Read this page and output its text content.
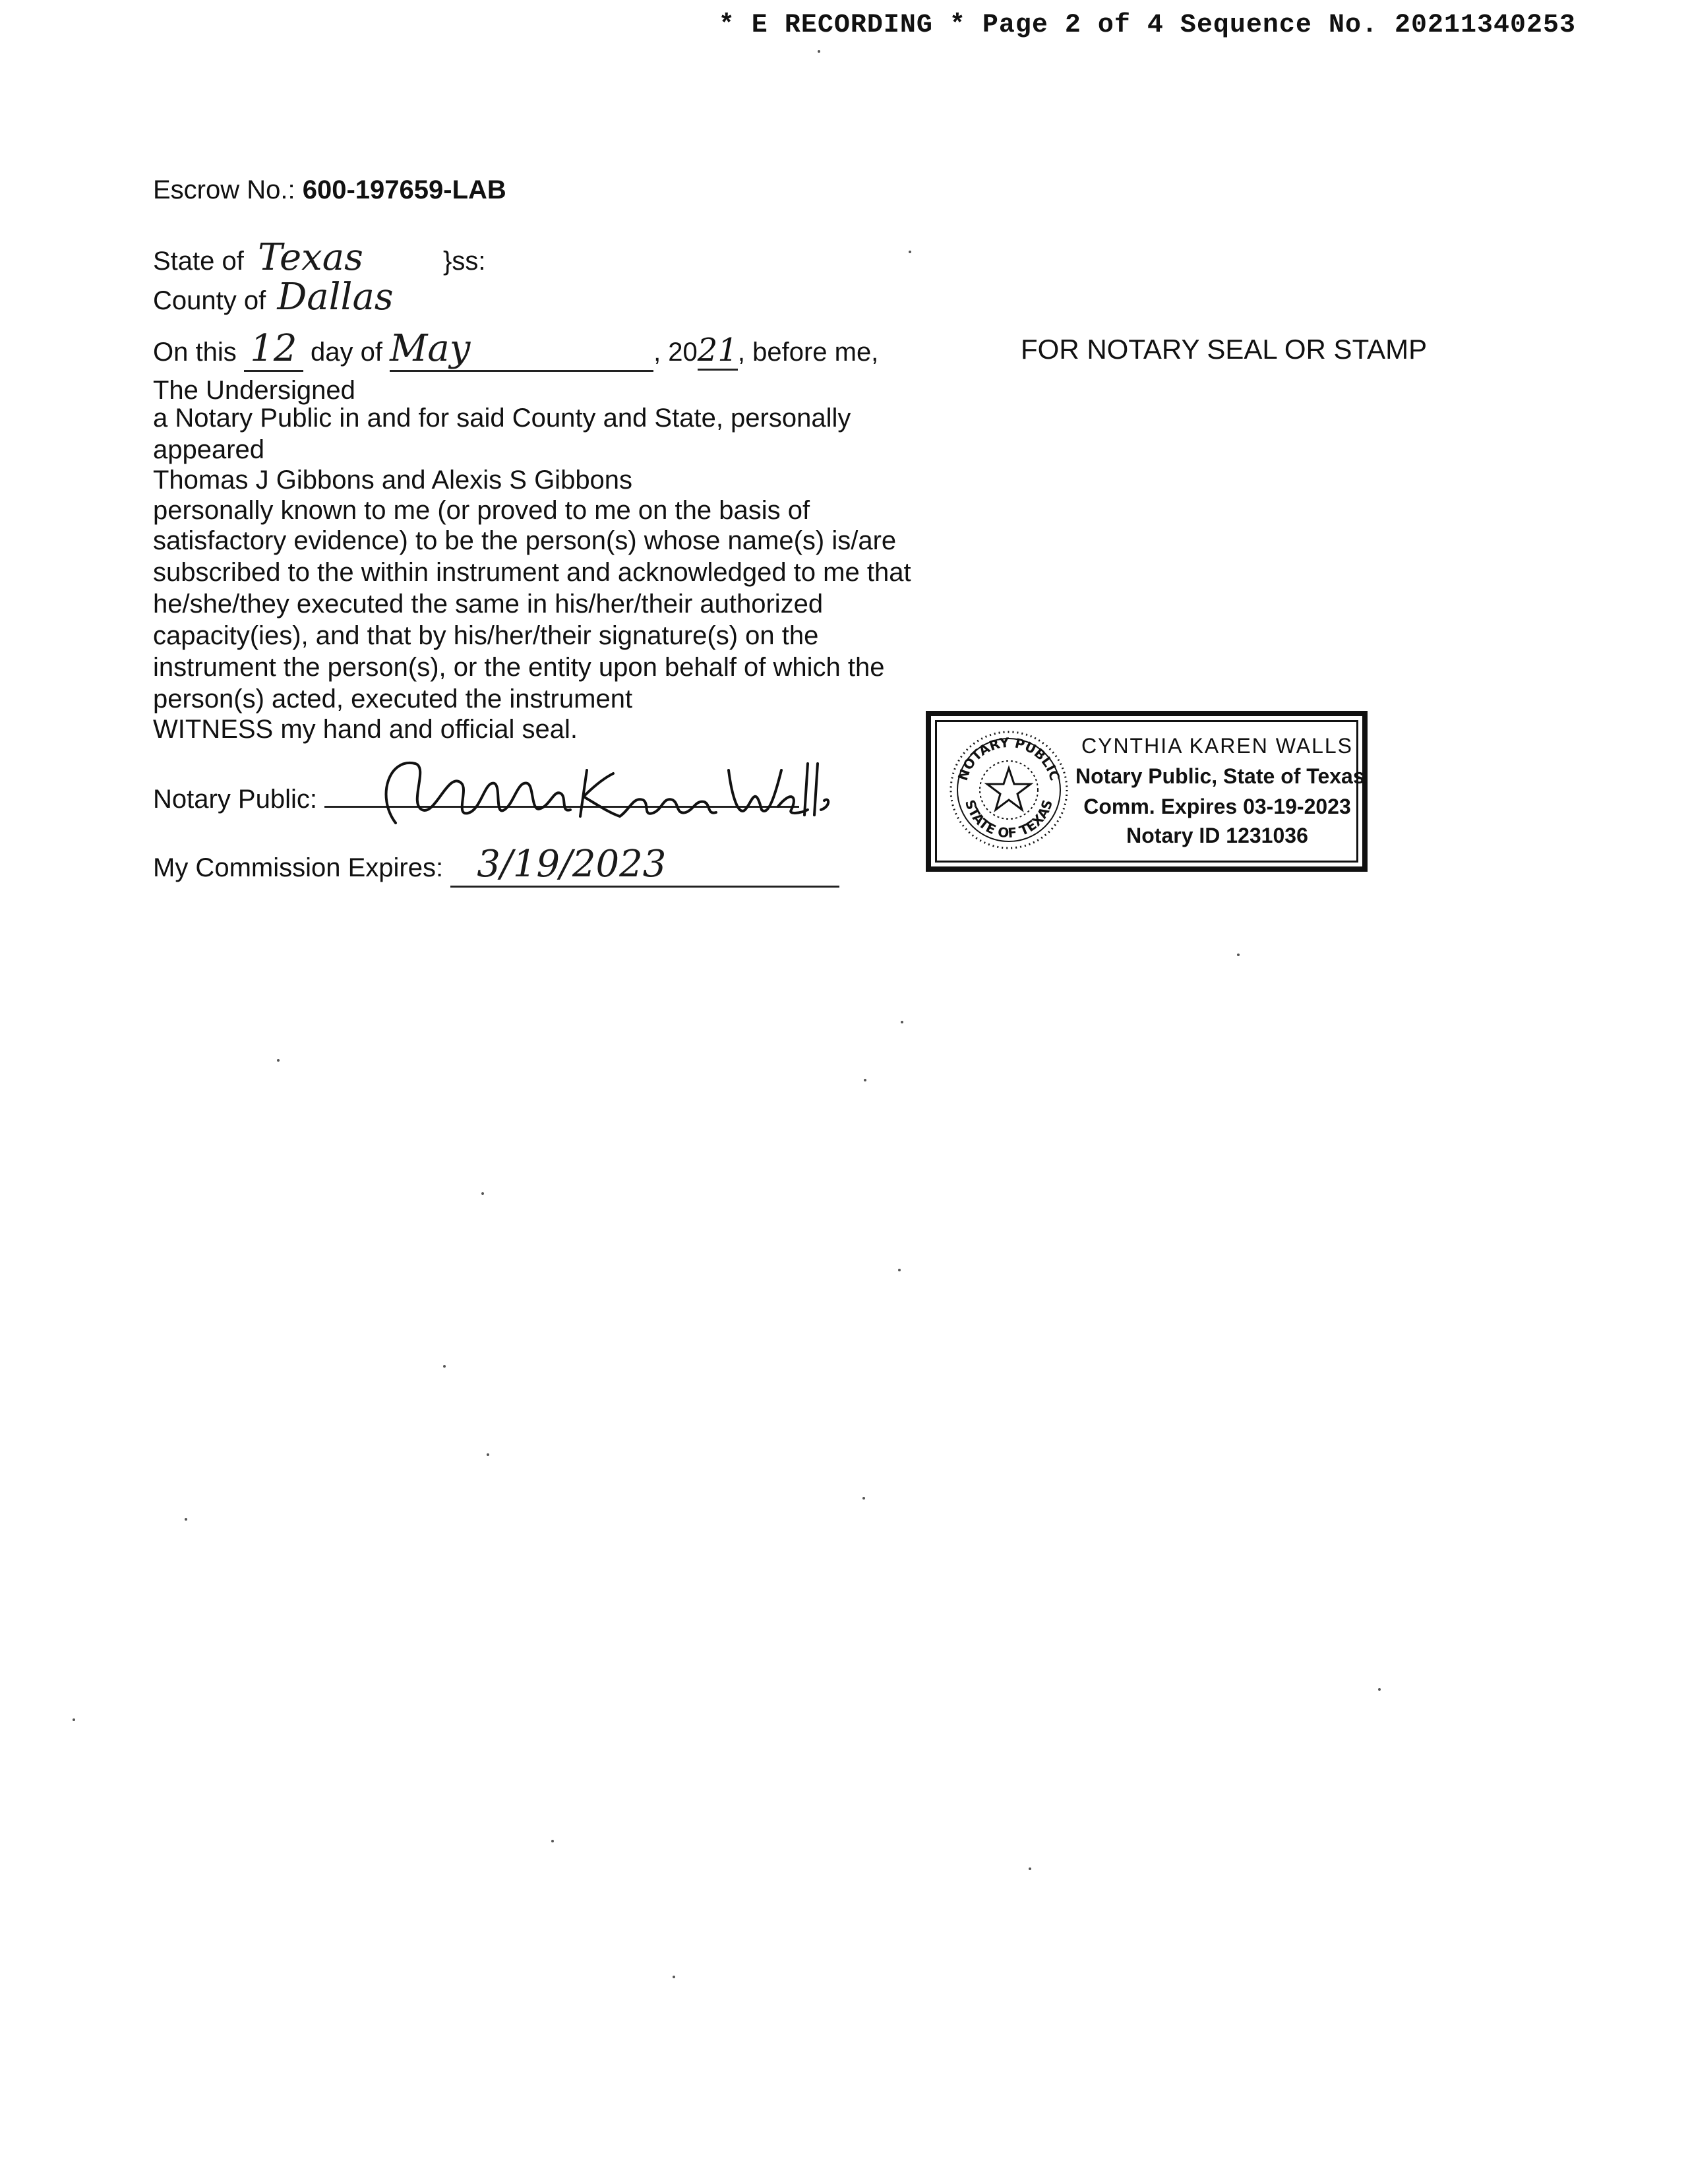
* E RECORDING * Page 2 of 4 Sequence No. 20211340253
Escrow No.: 600-197659-LAB
State of Texas	}ss:
County of Dallas
On this 12 day of May	, 2021, before me,
The Undersigned
a Notary Public in and for said County and State, personally
appeared
Thomas J Gibbons and Alexis S Gibbons
personally known to me (or proved to me on the basis of
satisfactory evidence) to be the person(s) whose name(s) is/are
subscribed to the within instrument and acknowledged to me that
he/she/they executed the same in his/her/their authorized
capacity(ies), and that by his/her/their signature(s) on the
instrument the person(s), or the entity upon behalf of which the
person(s) acted, executed the instrument
WITNESS my hand and official seal.
Notary Public:
My Commission Expires: 3/19/2023
FOR NOTARY SEAL OR STAMP
NOTARY PUBLIC
STATE OF TEXAS
CYNTHIA KAREN WALLS
Notary Public, State of Texas
Comm. Expires 03-19-2023
Notary ID 1231036
